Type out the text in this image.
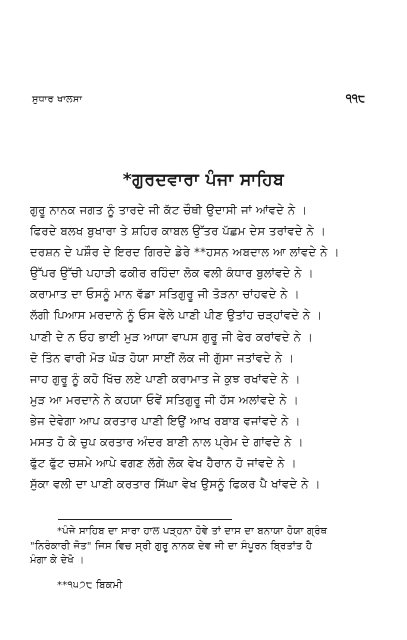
ਸੁਧਾਰ ਖਾਲਸਾ	੧੧੮
*ਗੁਰਦਵਾਰਾ ਪੰਜਾ ਸਾਹਿਬ
ਗੁਰੂ ਨਾਨਕ ਜਗਤ ਨੂੰ ਤਾਰਦੇ ਜੀ ਕੱਟ ਚੌਥੀ ਉਦਾਸੀ ਜਾਂ ਆਂਵਦੇ ਨੇ ।
ਫਿਰਦੇ ਬਲਖ ਬੁਖਾਰਾ ਤੇ ਸ਼ਹਿਰ ਕਾਬਲ ਉੱਤਰ ਪੱਛਮ ਦੇਸ ਤਰਾਂਵਦੇ ਨੇ ।
ਦਰਸ਼ਨ ਦੇ ਪਸ਼ੌਰ ਦੇ ਇਰਦ ਗਿਰਦੇ ਡੇਰੇ **ਹਸਨ ਅਬਦਾਲ ਆ ਲਾਂਵਦੇ ਨੇ ।
ਉੱਪਰ ਉੱਚੀ ਪਹਾੜੀ ਫਕੀਰ ਰਹਿੰਦਾ ਲੋਕ ਵਲੀ ਕੰਧਾਰ ਬੁਲਾਂਵਦੇ ਨੇ ।
ਕਰਾਮਾਤ ਦਾ ਓਸਨੂੰ ਮਾਨ ਵੱਡਾ ਸਤਿਗੁਰੂ ਜੀ ਤੋੜਨਾ ਚਾਂਹਵਦੇ ਨੇ ।
ਲੱਗੀ ਪਿਆਸ ਮਰਦਾਨੇ ਨੂੰ ਓਸ ਵੇਲੇ ਪਾਣੀ ਪੀਣ ਉਤਾਂਹ ਚੜ੍ਹਾਂਵਦੇ ਨੇ ।
ਪਾਣੀ ਦੇ ਨ ਓਹ ਭਾਈ ਮੁੜ ਆਯਾ ਵਾਪਸ ਗੁਰੂ ਜੀ ਫੇਰ ਕਰਾਂਵਦੇ ਨੇ ।
ਦੋ ਤਿੰਨ ਵਾਰੀ ਮੋੜ ਘੋੜ ਹੋਯਾ ਸਾਈਂ ਲੋਕ ਜੀ ਗੁੱਸਾ ਜਤਾਂਵਦੇ ਨੇ ।
ਜਾਹ ਗੁਰੂ ਨੂੰ ਕਹੋ ਖਿੱਚ ਲਏ ਪਾਣੀ ਕਰਾਮਾਤ ਜੇ ਕੁਝ ਰਖਾਂਵਦੇ ਨੇ ।
ਮੁੜ ਆ ਮਰਦਾਨੇ ਨੇ ਕਹਯਾ ਓਵੇਂ ਸਤਿਗੁਰੂ ਜੀ ਹੱਸ ਅਲਾਂਵਦੇ ਨੇ ।
ਭੇਜ ਦੇਵੇਗਾ ਆਪ ਕਰਤਾਰ ਪਾਣੀ ਇਉਂ ਆਖ ਰਬਾਬ ਵਜਾਂਵਦੇ ਨੇ ।
ਮਸਤ ਹੋ ਕੇ ਚੁਪ ਕਰਤਾਰ ਅੰਦਰ ਬਾਣੀ ਨਾਲ ਪ੍ਰੇਮ ਦੇ ਗਾਂਵਦੇ ਨੇ ।
ਫੁੱਟ ਫੁੱਟ ਚਸ਼ਮੇ ਆਪੇ ਵਗਣ ਲੱਗੇ ਲੋਕ ਵੇਖ ਹੈਰਾਨ ਹੋ ਜਾਂਵਦੇ ਨੇ ।
ਸੁੱਕਾ ਵਲੀ ਦਾ ਪਾਣੀ ਕਰਤਾਰ ਸਿੱਘਾ ਵੇਖ ਉਸਨੂੰ ਫਿਕਰ ਪੈ ਖਾਂਵਦੇ ਨੇ ।
*ਪੰਜੇ ਸਾਹਿਬ ਦਾ ਸਾਰਾ ਹਾਲ ਪੜ੍ਹਨਾ ਹੋਵੇ ਤਾਂ ਦਾਸ ਦਾ ਬਨਾਯਾ ਹੋਯਾ ਗ੍ਰੰਥ
"ਨਿਰੰਕਾਰੀ ਜੋਤ" ਜਿਸ ਵਿਚ ਸ੍ਰੀ ਗੁਰੂ ਨਾਨਕ ਦੇਵ ਜੀ ਦਾ ਸੰਪੂਰਨ ਬ੍ਰਿਤਾਂਤ ਹੈ
ਮੰਗਾ ਕੇ ਦੇਖੋ ।
**੧੫੭੮ ਬਿਕਮੀ
